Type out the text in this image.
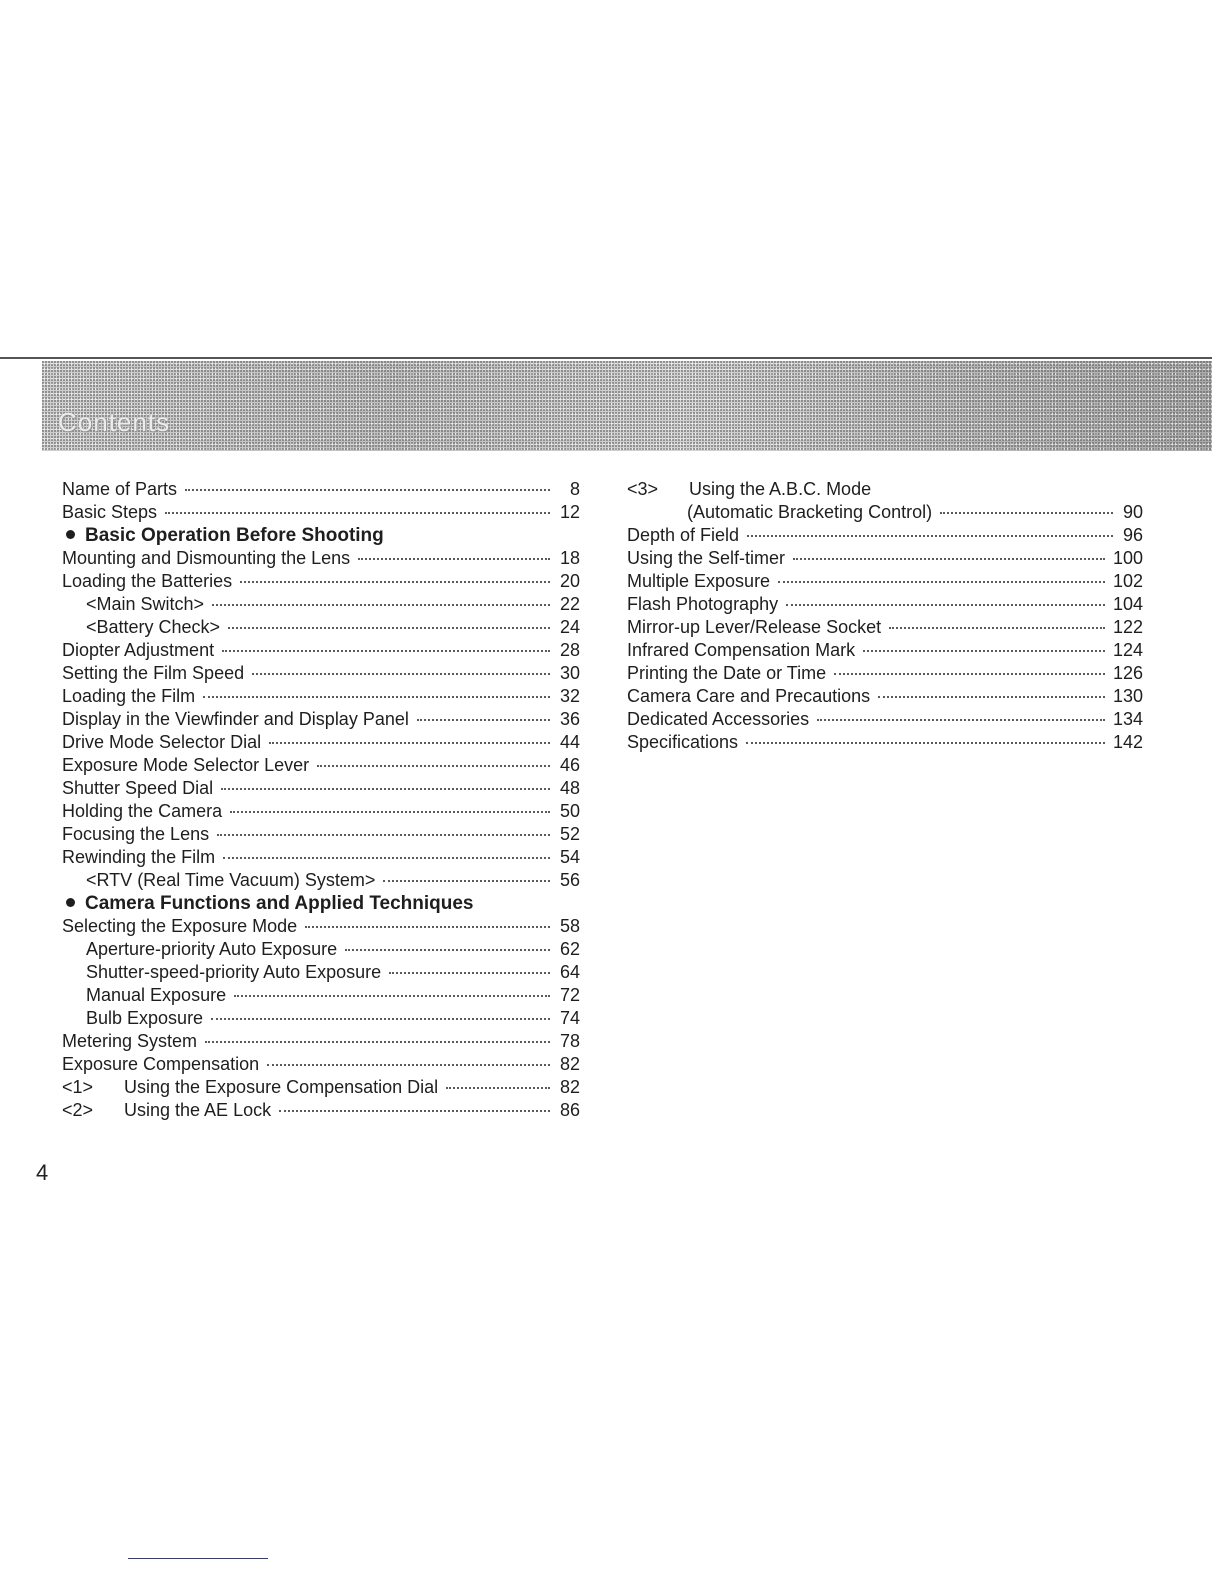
Contents
Name of Parts	8
Basic Steps	12
Basic Operation Before Shooting
Mounting and Dismounting the Lens	18
Loading the Batteries	20
<Main Switch>	22
<Battery Check>	24
Diopter Adjustment	28
Setting the Film Speed	30
Loading the Film	32
Display in the Viewfinder and Display Panel	36
Drive Mode Selector Dial	44
Exposure Mode Selector Lever	46
Shutter Speed Dial	48
Holding the Camera	50
Focusing the Lens	52
Rewinding the Film	54
<RTV (Real Time Vacuum) System>	56
Camera Functions and Applied Techniques
Selecting the Exposure Mode	58
Aperture-priority Auto Exposure	62
Shutter-speed-priority Auto Exposure	64
Manual Exposure	72
Bulb Exposure	74
Metering System	78
Exposure Compensation	82
<1> Using the Exposure Compensation Dial	82
<2> Using the AE Lock	86
<3> Using the A.B.C. Mode
(Automatic Bracketing Control)	90
Depth of Field	96
Using the Self-timer	100
Multiple Exposure	102
Flash Photography	104
Mirror-up Lever/Release Socket	122
Infrared Compensation Mark	124
Printing the Date or Time	126
Camera Care and Precautions	130
Dedicated Accessories	134
Specifications	142
4
